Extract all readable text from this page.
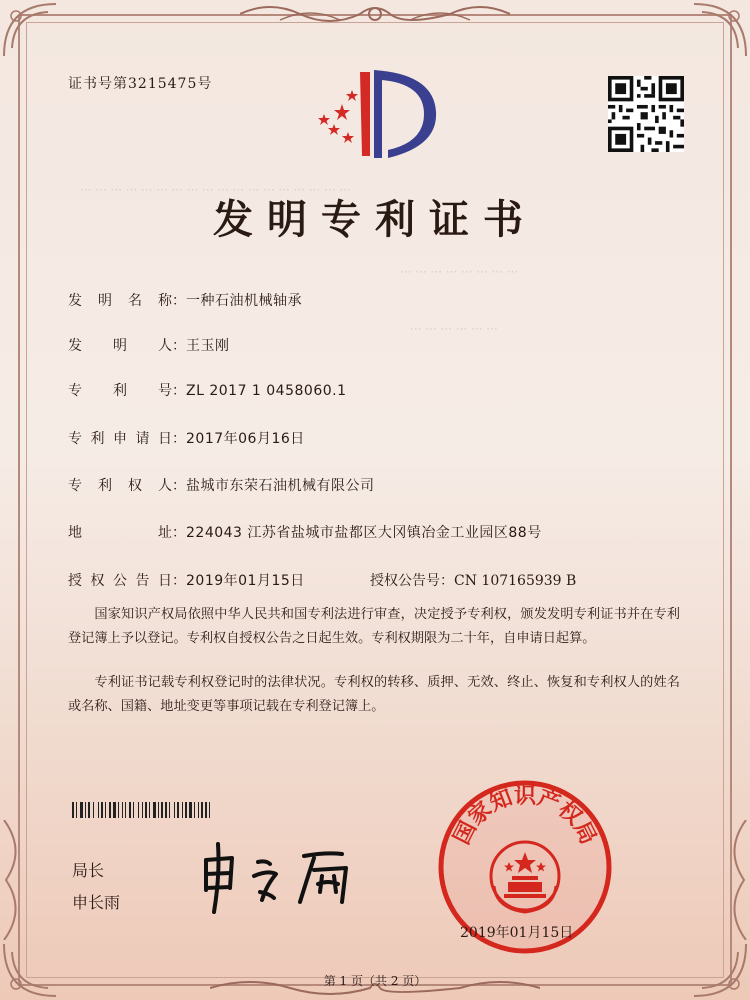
证书号第3215475号
··· ··· ··· ··· ··· ··· ··· ··· ··· ··· ··· ··· ··· ··· ··· ··· ··· ···
··· ··· ··· ··· ··· ··· ··· ···
··· ··· ··· ··· ··· ···
发明专利证书
发明名称：一种石油机械轴承
发 明 人：王玉刚
专 利 号：ZL 2017 1 0458060.1
专利申请日：2017年06月16日
专利权人：盐城市东荣石油机械有限公司
地 址：224043 江苏省盐城市盐都区大冈镇冶金工业园区88号
授权公告日：2019年01月15日	授权公告号：CN 107165939 B
国家知识产权局依照中华人民共和国专利法进行审查，决定授予专利权，颁发发明专利证书并在专利登记簿上予以登记。专利权自授权公告之日起生效。专利权期限为二十年，自申请日起算。
专利证书记载专利权登记时的法律状况。专利权的转移、质押、无效、终止、恢复和专利权人的姓名或名称、国籍、地址变更等事项记载在专利登记簿上。
局长
申长雨
国家知识产权局
2019年01月15日
第 1 页（共 2 页）
